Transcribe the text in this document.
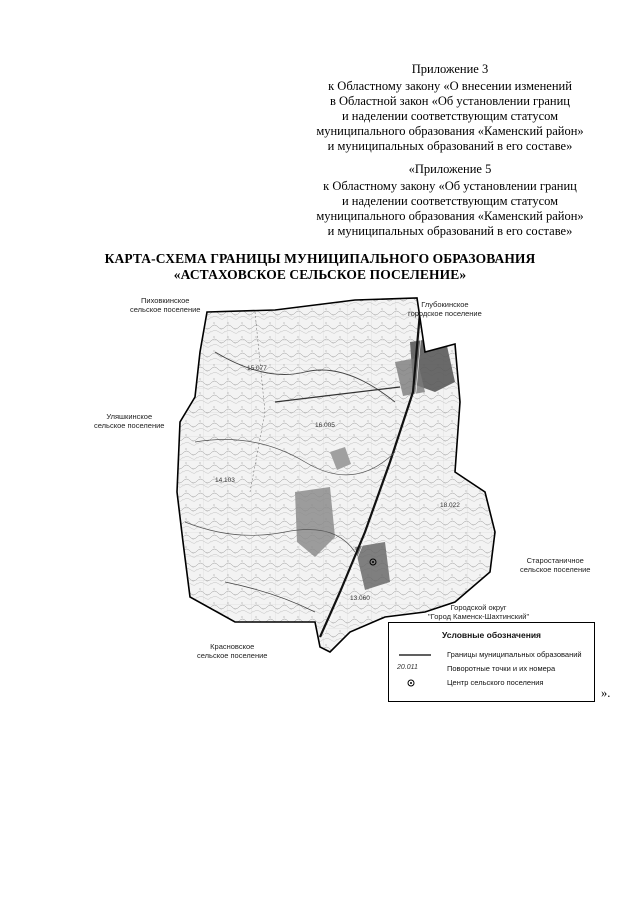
Приложение 3
к Областному закону «О внесении изменений
в Областной закон «Об установлении границ
и наделении соответствующим статусом
муниципального образования «Каменский район»
и муниципальных образований в его составе»
«Приложение 5
к Областному закону «Об установлении границ
и наделении соответствующим статусом
муниципального образования «Каменский район»
и муниципальных образований в его составе»
КАРТА-СХЕМА ГРАНИЦЫ МУНИЦИПАЛЬНОГО ОБРАЗОВАНИЯ
«АСТАХОВСКОЕ СЕЛЬСКОЕ ПОСЕЛЕНИЕ»
15.077
16.005
14.103
18.022
13.060
Пиховкинское
сельское поселение
Глубокинское
городское поселение
Уляшкинское
сельское поселение
Старостаничное
сельское поселение
Городской округ
"Город Каменск-Шахтинский"
Красновское
сельское поселение
Условные обозначения
Границы муниципальных образований
20.011	Поворотные точки и их номера
Центр сельского поселения
».
